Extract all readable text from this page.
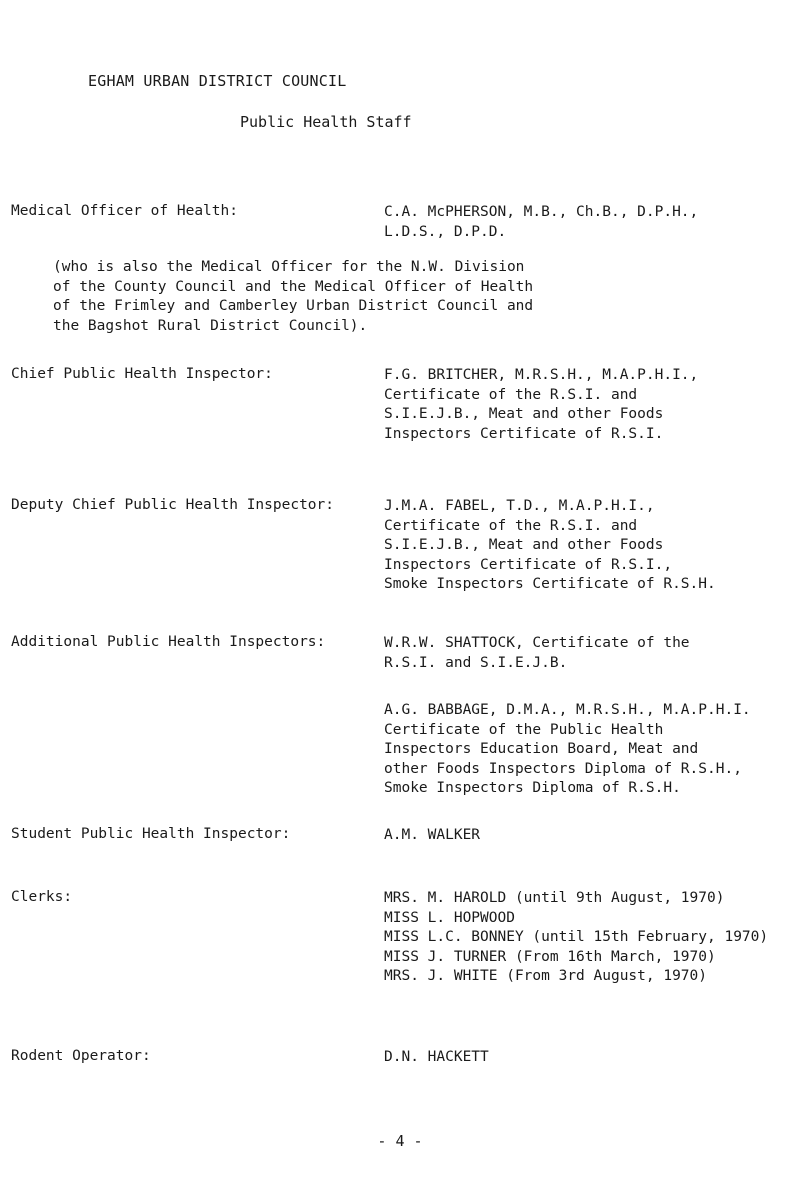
EGHAM URBAN DISTRICT COUNCIL
Public Health Staff
Medical Officer of Health:	C.A. McPHERSON, M.B., Ch.B., D.P.H.,
L.D.S., D.P.D.
(who is also the Medical Officer for the N.W. Division
of the County Council and the Medical Officer of Health
of the Frimley and Camberley Urban District Council and
the Bagshot Rural District Council).
Chief Public Health Inspector:	F.G. BRITCHER, M.R.S.H., M.A.P.H.I.,
Certificate of the R.S.I. and
S.I.E.J.B., Meat and other Foods
Inspectors Certificate of R.S.I.
Deputy Chief Public Health Inspector:	J.M.A. FABEL, T.D., M.A.P.H.I.,
Certificate of the R.S.I. and
S.I.E.J.B., Meat and other Foods
Inspectors Certificate of R.S.I.,
Smoke Inspectors Certificate of R.S.H.
Additional Public Health Inspectors:	W.R.W. SHATTOCK, Certificate of the
R.S.I. and S.I.E.J.B.
A.G. BABBAGE, D.M.A., M.R.S.H., M.A.P.H.I.
Certificate of the Public Health
Inspectors Education Board, Meat and
other Foods Inspectors Diploma of R.S.H.,
Smoke Inspectors Diploma of R.S.H.
Student Public Health Inspector:	A.M. WALKER
Clerks:	MRS. M. HAROLD (until 9th August, 1970)
MISS L. HOPWOOD
MISS L.C. BONNEY (until 15th February, 1970)
MISS J. TURNER (From 16th March, 1970)
MRS. J. WHITE (From 3rd August, 1970)
Rodent Operator:	D.N. HACKETT
- 4 -
